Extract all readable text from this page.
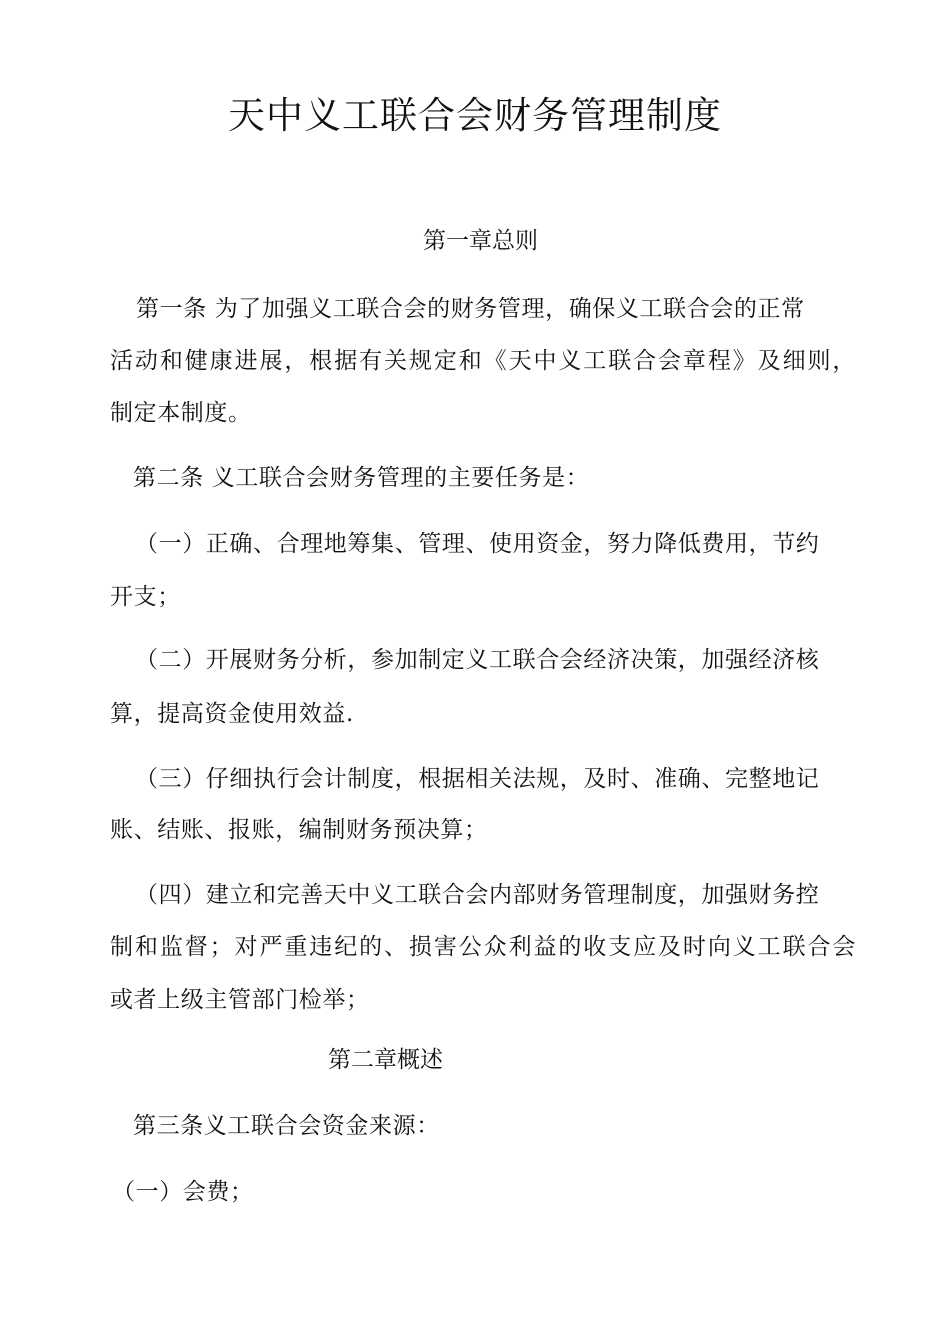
天中义工联合会财务管理制度
第一章总则
第一条 为了加强义工联合会的财务管理，确保义工联合会的正常
活动和健康进展，根据有关规定和《天中义工联合会章程》及细则，
制定本制度。
第二条 义工联合会财务管理的主要任务是：
（一）正确、合理地筹集、管理、使用资金，努力降低费用，节约
开支；
（二）开展财务分析，参加制定义工联合会经济决策，加强经济核
算，提高资金使用效益.
（三）仔细执行会计制度，根据相关法规，及时、准确、完整地记
账、结账、报账，编制财务预决算；
（四）建立和完善天中义工联合会内部财务管理制度，加强财务控
制和监督；对严重违纪的、损害公众利益的收支应及时向义工联合会
或者上级主管部门检举；
第二章概述
第三条义工联合会资金来源：
（一）会费；
